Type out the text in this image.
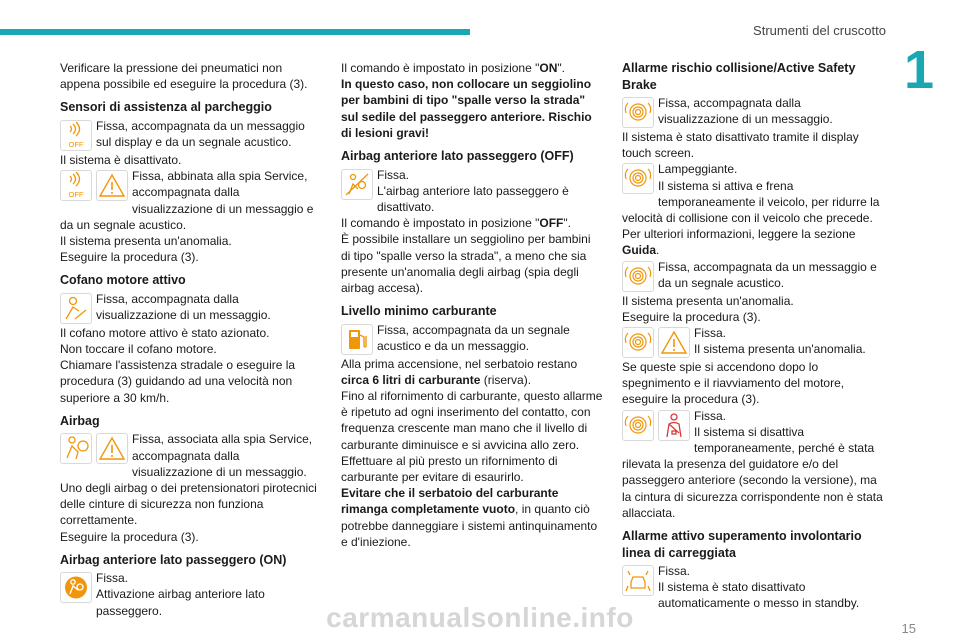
Strumenti del cruscotto
1

Verificare la pressione dei pneumatici non appena possibile ed eseguire la procedura (3).

Sensori di assistenza al parcheggio
OFF
Fissa, accompagnata da un messaggio sul display e da un segnale acustico.
Il sistema è disattivato.
OFF
Fissa, abbinata alla spia Service, accompagnata dalla visualizzazione di un messaggio e da un segnale acustico.
Il sistema presenta un'anomalia.
Eseguire la procedura (3).
Cofano motore attivo
Fissa, accompagnata dalla visualizzazione di un messaggio.
Il cofano motore attivo è stato azionato.
Non toccare il cofano motore.
Chiamare l'assistenza stradale o eseguire la procedura (3) guidando ad una velocità non superiore a 30 km/h.
Airbag
Fissa, associata alla spia Service, accompagnata dalla visualizzazione di un messaggio.
Uno degli airbag o dei pretensionatori pirotecnici delle cinture di sicurezza non funziona correttamente.
Eseguire la procedura (3).
Airbag anteriore lato passeggero (ON)
Fissa.
Attivazione airbag anteriore lato passeggero.

Il comando è impostato in posizione "ON".

In questo caso, non collocare un seggiolino per bambini di tipo "spalle verso la strada" sul sedile del passeggero anteriore. Rischio di lesioni gravi!

Airbag anteriore lato passeggero (OFF)
Fissa.
L'airbag anteriore lato passeggero è disattivato.
Il comando è impostato in posizione "OFF".
È possibile installare un seggiolino per bambini di tipo "spalle verso la strada", a meno che sia presente un'anomalia degli airbag (spia degli airbag accesa).
Livello minimo carburante
Fissa, accompagnata da un segnale acustico e da un messaggio.
Alla prima accensione, nel serbatoio restano
circa 6 litri di carburante (riserva).
Fino al rifornimento di carburante, questo allarme è ripetuto ad ogni inserimento del contatto, con frequenza crescente man mano che il livello di carburante diminuisce e si avvicina allo zero.
Effettuare al più presto un rifornimento di carburante per evitare di esaurirlo.
Evitare che il serbatoio del carburante rimanga completamente vuoto, in quanto ciò potrebbe danneggiare i sistemi antinquinamento e d'iniezione.
Allarme rischio collisione/Active Safety Brake
Fissa, accompagnata dalla visualizzazione di un messaggio.
Il sistema è stato disattivato tramite il display touch screen.
Lampeggiante.
Il sistema si attiva e frena temporaneamente il veicolo, per ridurre la velocità di collisione con il veicolo che precede.
Per ulteriori informazioni, leggere la sezione Guida.
Fissa, accompagnata da un messaggio e da un segnale acustico.
Il sistema presenta un'anomalia.
Eseguire la procedura (3).
Fissa.
Il sistema presenta un'anomalia.
Se queste spie si accendono dopo lo spegnimento e il riavviamento del motore, eseguire la procedura (3).
Fissa.
Il sistema si disattiva temporaneamente, perché è stata rilevata la presenza del guidatore e/o del passeggero anteriore (secondo la versione), ma la cintura di sicurezza corrispondente non è stata allacciata.
Allarme attivo superamento involontario linea di carreggiata
Fissa.
Il sistema è stato disattivato automaticamente o messo in standby.
carmanualsonline.info	15
